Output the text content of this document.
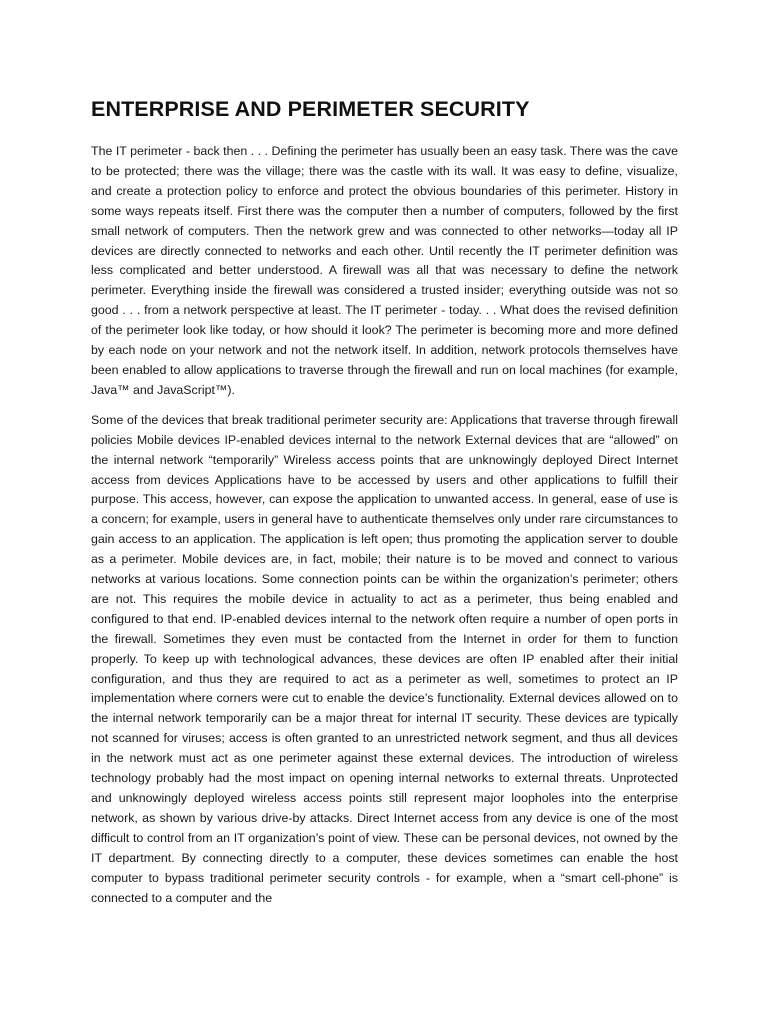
ENTERPRISE AND PERIMETER SECURITY

The IT perimeter - back then . . . Defining the perimeter has usually been an easy task. There was the cave to be protected; there was the village; there was the castle with its wall. It was easy to define, visualize, and create a protection policy to enforce and protect the obvious boundaries of this perimeter. History in some ways repeats itself. First there was the computer then a number of computers, followed by the first small network of computers. Then the network grew and was connected to other networks—today all IP devices are directly connected to networks and each other. Until recently the IT perimeter definition was less complicated and better understood. A firewall was all that was necessary to define the network perimeter. Everything inside the firewall was considered a trusted insider; everything outside was not so good . . . from a network perspective at least. The IT perimeter - today. . . What does the revised definition of the perimeter look like today, or how should it look? The perimeter is becoming more and more defined by each node on your network and not the network itself. In addition, network protocols themselves have been enabled to allow applications to traverse through the firewall and run on local machines (for example, Java™ and JavaScript™).

Some of the devices that break traditional perimeter security are: Applications that traverse through firewall policies Mobile devices IP-enabled devices internal to the network External devices that are “allowed” on the internal network “temporarily” Wireless access points that are unknowingly deployed Direct Internet access from devices Applications have to be accessed by users and other applications to fulfill their purpose. This access, however, can expose the application to unwanted access. In general, ease of use is a concern; for example, users in general have to authenticate themselves only under rare circumstances to gain access to an application. The application is left open; thus promoting the application server to double as a perimeter. Mobile devices are, in fact, mobile; their nature is to be moved and connect to various networks at various locations. Some connection points can be within the organization’s perimeter; others are not. This requires the mobile device in actuality to act as a perimeter, thus being enabled and configured to that end. IP-enabled devices internal to the network often require a number of open ports in the firewall. Sometimes they even must be contacted from the Internet in order for them to function properly. To keep up with technological advances, these devices are often IP enabled after their initial configuration, and thus they are required to act as a perimeter as well, sometimes to protect an IP implementation where corners were cut to enable the device’s functionality. External devices allowed on to the internal network temporarily can be a major threat for internal IT security. These devices are typically not scanned for viruses; access is often granted to an unrestricted network segment, and thus all devices in the network must act as one perimeter against these external devices. The introduction of wireless technology probably had the most impact on opening internal networks to external threats. Unprotected and unknowingly deployed wireless access points still represent major loopholes into the enterprise network, as shown by various drive-by attacks. Direct Internet access from any device is one of the most difficult to control from an IT organization’s point of view. These can be personal devices, not owned by the IT department. By connecting directly to a computer, these devices sometimes can enable the host computer to bypass traditional perimeter security controls - for example, when a “smart cell-phone” is connected to a computer and the
